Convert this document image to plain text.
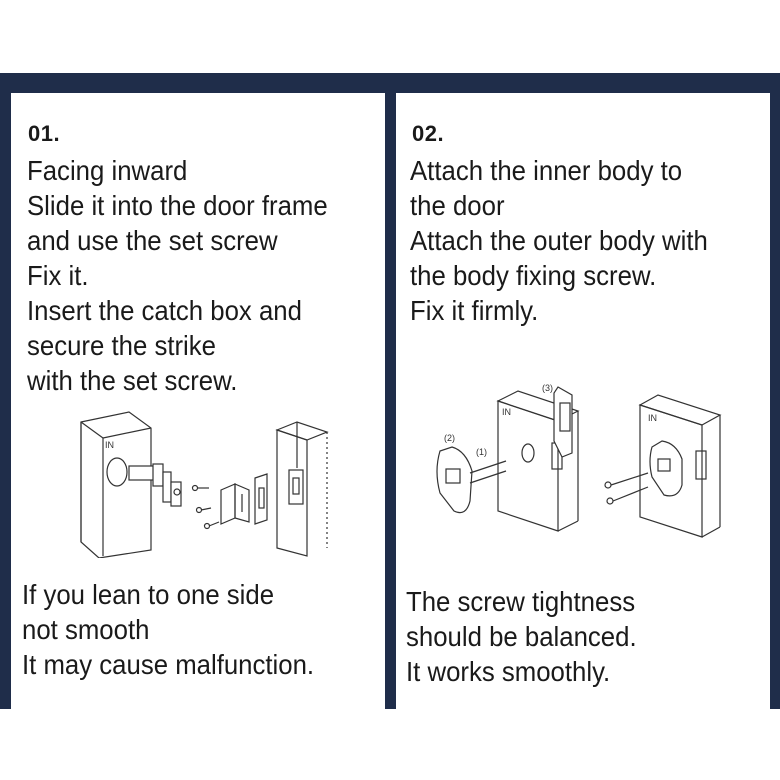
01.
Facing inward
Slide it into the door frame
and use the set screw
Fix it.
Insert the catch box and
secure the strike
with the set screw.
IN
If you lean to one side
not smooth
It may cause malfunction.
02.
Attach the inner body to
the door
Attach the outer body with
the body fixing screw.
Fix it firmly.
IN
(3)
(2)
(1)
IN
The screw tightness
should be balanced.
It works smoothly.
